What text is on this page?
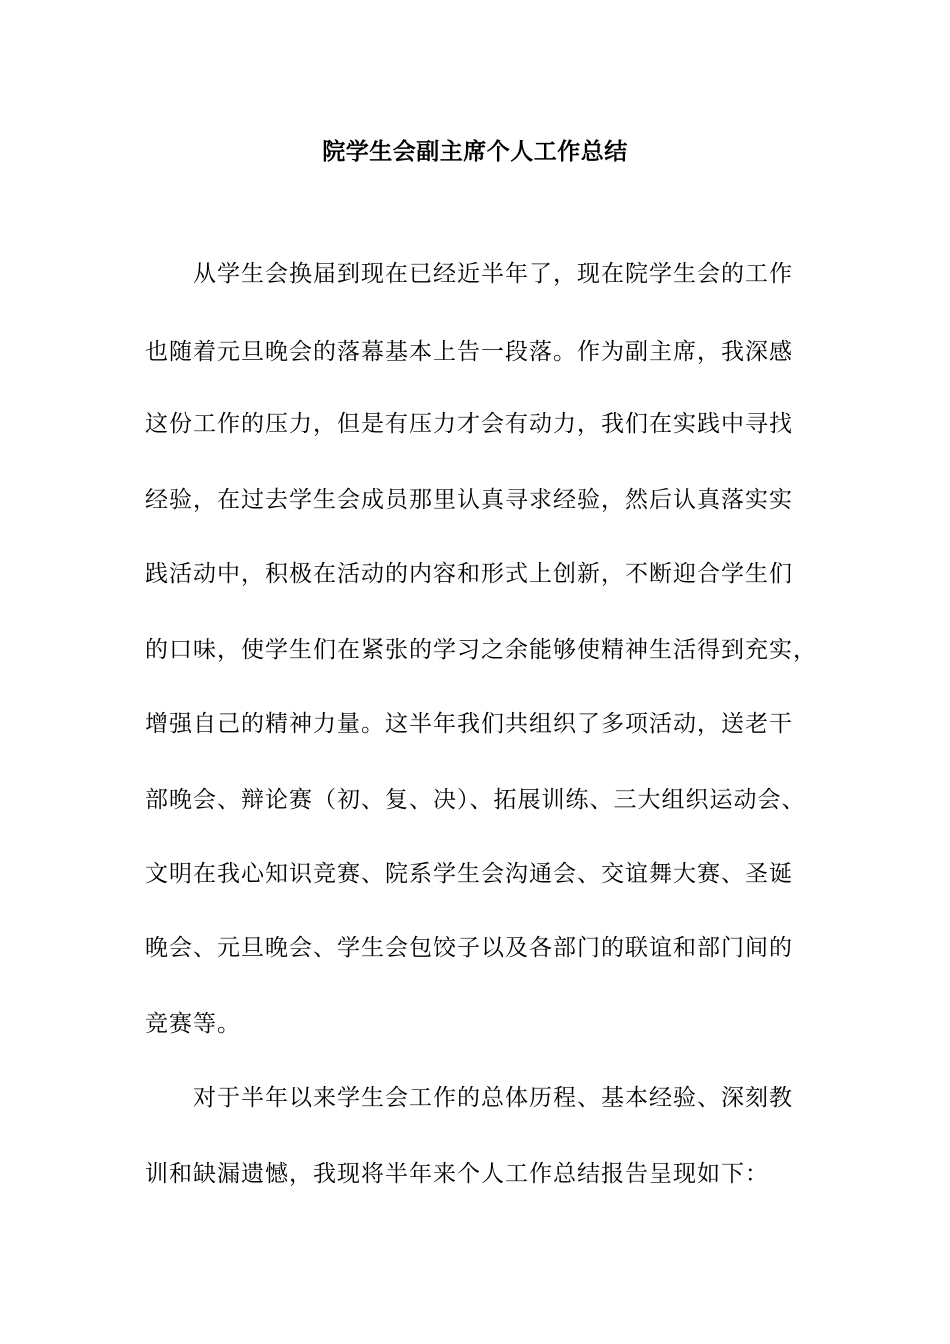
院学生会副主席个人工作总结
从学生会换届到现在已经近半年了，现在院学生会的工作
也随着元旦晚会的落幕基本上告一段落。作为副主席，我深感
这份工作的压力，但是有压力才会有动力，我们在实践中寻找
经验，在过去学生会成员那里认真寻求经验，然后认真落实实
践活动中，积极在活动的内容和形式上创新，不断迎合学生们
的口味，使学生们在紧张的学习之余能够使精神生活得到充实，
增强自己的精神力量。这半年我们共组织了多项活动，送老干
部晚会、辩论赛（初、复、决）、拓展训练、三大组织运动会、
文明在我心知识竞赛、院系学生会沟通会、交谊舞大赛、圣诞
晚会、元旦晚会、学生会包饺子以及各部门的联谊和部门间的
竞赛等。
对于半年以来学生会工作的总体历程、基本经验、深刻教
训和缺漏遗憾，我现将半年来个人工作总结报告呈现如下：
